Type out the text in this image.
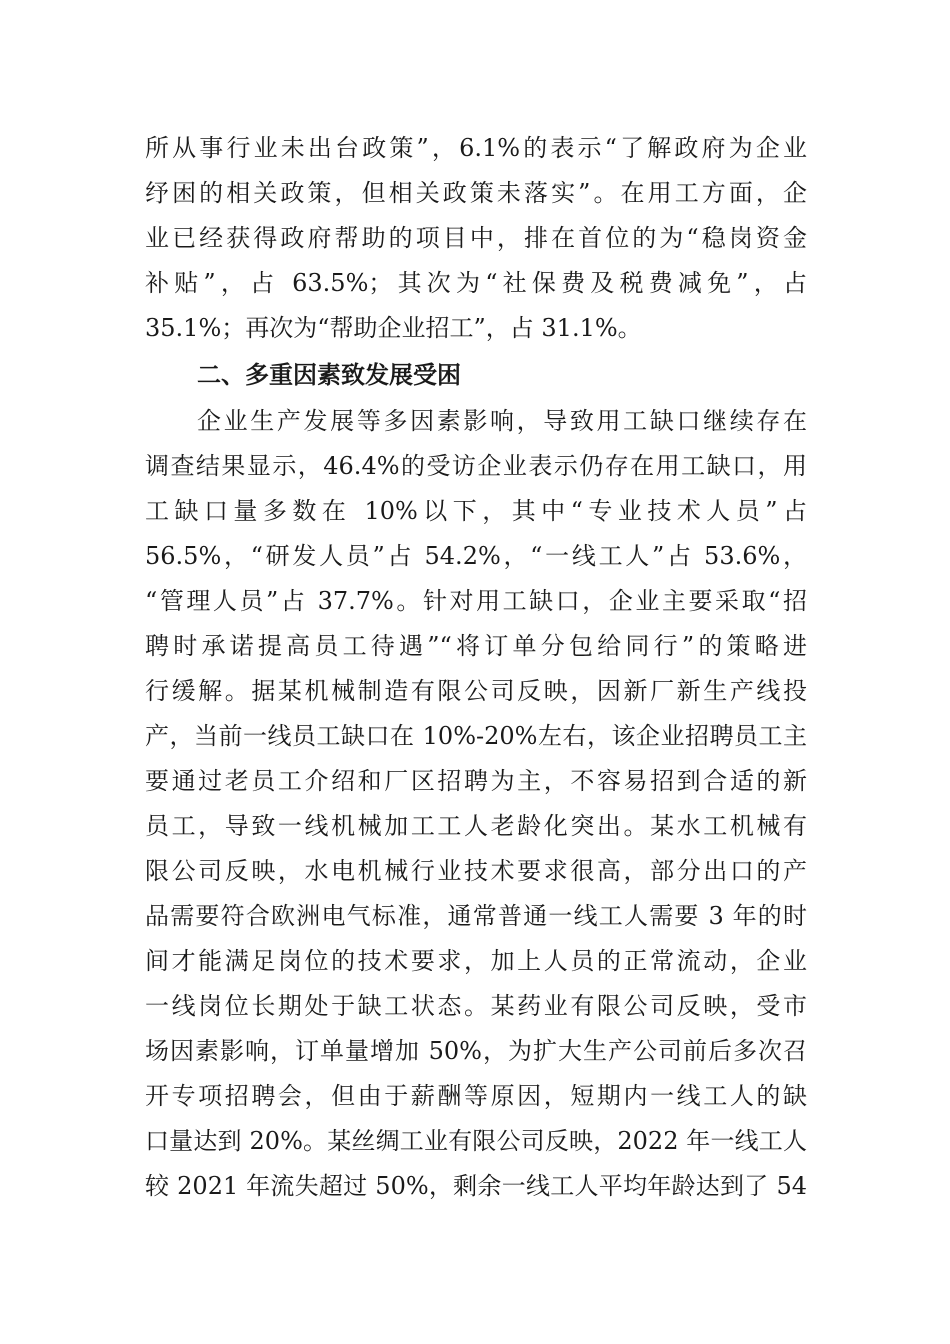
所从事行业未出台政策”，6.1%的表示“了解政府为企业
纾困的相关政策，但相关政策未落实”。在用工方面，企
业已经获得政府帮助的项目中，排在首位的为“稳岗资金
补贴”，占 63.5%；其次为“社保费及税费减免”，占
35.1%；再次为“帮助企业招工”，占 31.1%。
二、多重因素致发展受困
企业生产发展等多因素影响，导致用工缺口继续存在
调查结果显示，46.4%的受访企业表示仍存在用工缺口，用
工缺口量多数在 10%以下，其中“专业技术人员”占
56.5%，“研发人员”占 54.2%，“一线工人”占 53.6%，
“管理人员”占 37.7%。针对用工缺口，企业主要采取“招
聘时承诺提高员工待遇”“将订单分包给同行”的策略进
行缓解。据某机械制造有限公司反映，因新厂新生产线投
产，当前一线员工缺口在 10%-20%左右，该企业招聘员工主
要通过老员工介绍和厂区招聘为主，不容易招到合适的新
员工，导致一线机械加工工人老龄化突出。某水工机械有
限公司反映，水电机械行业技术要求很高，部分出口的产
品需要符合欧洲电气标准，通常普通一线工人需要 3 年的时
间才能满足岗位的技术要求，加上人员的正常流动，企业
一线岗位长期处于缺工状态。某药业有限公司反映，受市
场因素影响，订单量增加 50%，为扩大生产公司前后多次召
开专项招聘会，但由于薪酬等原因，短期内一线工人的缺
口量达到 20%。某丝绸工业有限公司反映，2022 年一线工人
较 2021 年流失超过 50%，剩余一线工人平均年龄达到了 54
